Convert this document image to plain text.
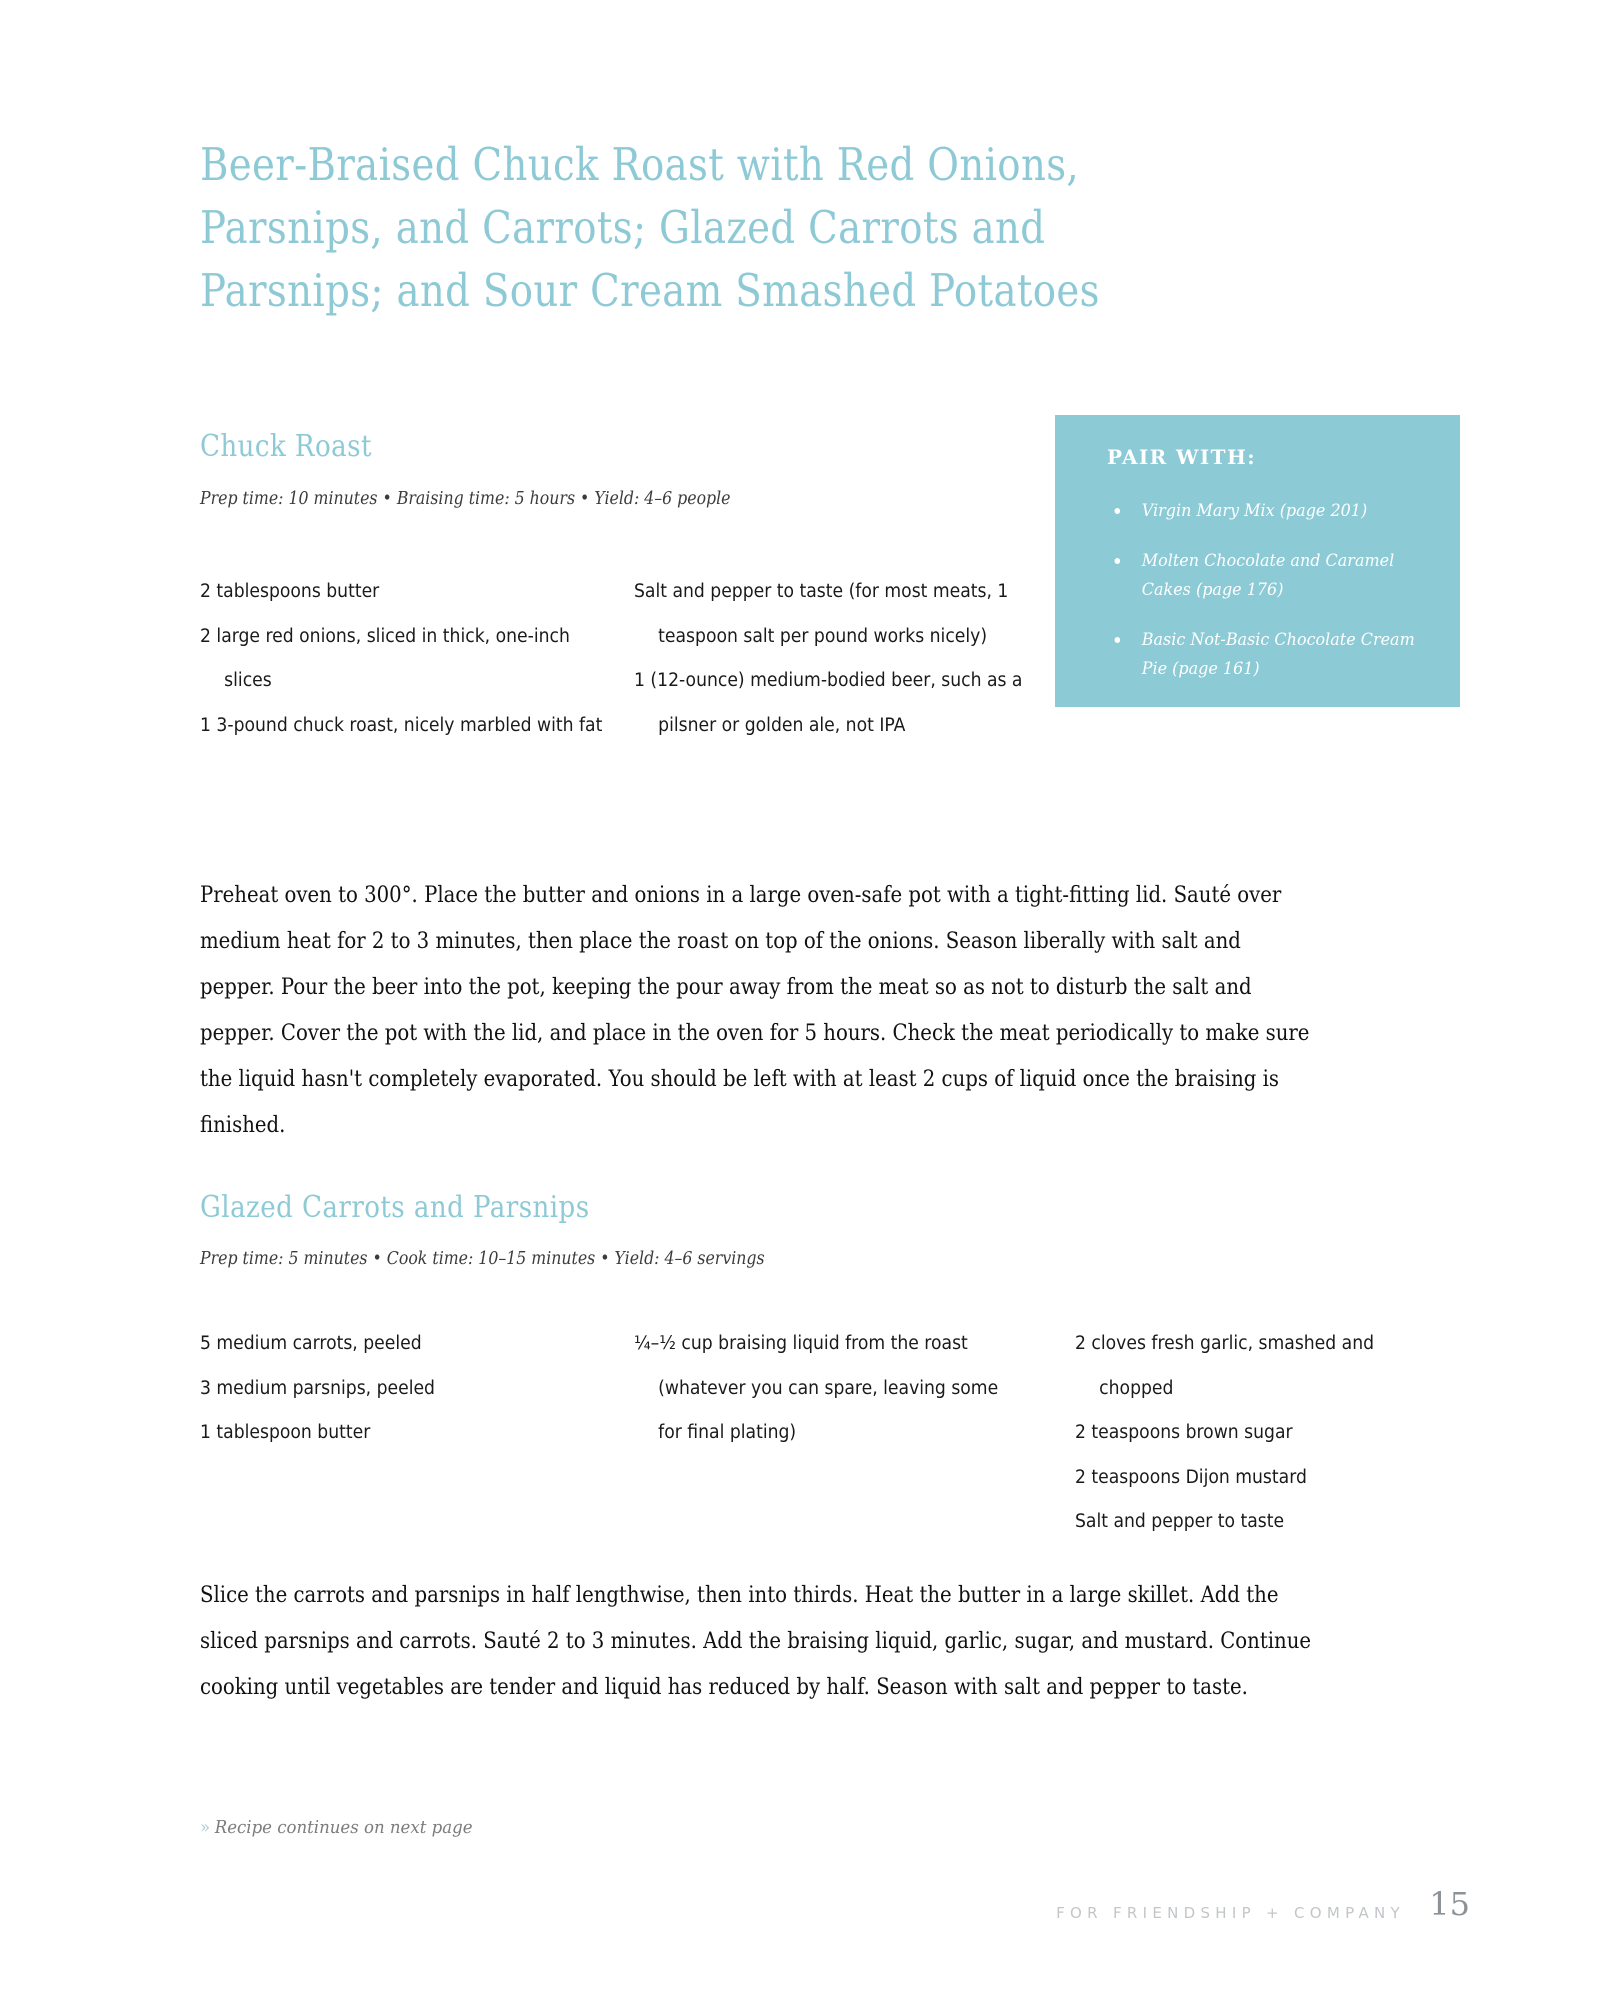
Beer-Braised Chuck Roast with Red Onions,
Parsnips, and Carrots; Glazed Carrots and
Parsnips; and Sour Cream Smashed Potatoes
Chuck Roast
Prep time: 10 minutes • Braising time: 5 hours • Yield: 4–6 people
2 tablespoons butter
2 large red onions, sliced in thick, one-inch slices
1 3-pound chuck roast, nicely marbled with fat
Salt and pepper to taste (for most meats, 1 teaspoon salt per pound works nicely)
1 (12-ounce) medium-bodied beer, such as a pilsner or golden ale, not IPA
PAIR WITH:
Virgin Mary Mix (page 201)
Molten Chocolate and Caramel Cakes (page 176)
Basic Not-Basic Chocolate Cream Pie (page 161)
Preheat oven to 300°. Place the butter and onions in a large oven-safe pot with a tight-fitting lid. Sauté over medium heat for 2 to 3 minutes, then place the roast on top of the onions. Season liberally with salt and pepper. Pour the beer into the pot, keeping the pour away from the meat so as not to disturb the salt and pepper. Cover the pot with the lid, and place in the oven for 5 hours. Check the meat periodically to make sure the liquid hasn't completely evaporated. You should be left with at least 2 cups of liquid once the braising is finished.
Glazed Carrots and Parsnips
Prep time: 5 minutes • Cook time: 10–15 minutes • Yield: 4–6 servings
5 medium carrots, peeled
3 medium parsnips, peeled
1 tablespoon butter
¼–½ cup braising liquid from the roast (whatever you can spare, leaving some for final plating)
2 cloves fresh garlic, smashed and chopped
2 teaspoons brown sugar
2 teaspoons Dijon mustard
Salt and pepper to taste
Slice the carrots and parsnips in half lengthwise, then into thirds. Heat the butter in a large skillet. Add the sliced parsnips and carrots. Sauté 2 to 3 minutes. Add the braising liquid, garlic, sugar, and mustard. Continue cooking until vegetables are tender and liquid has reduced by half. Season with salt and pepper to taste.
» Recipe continues on next page
FOR FRIENDSHIP + COMPANY 15
